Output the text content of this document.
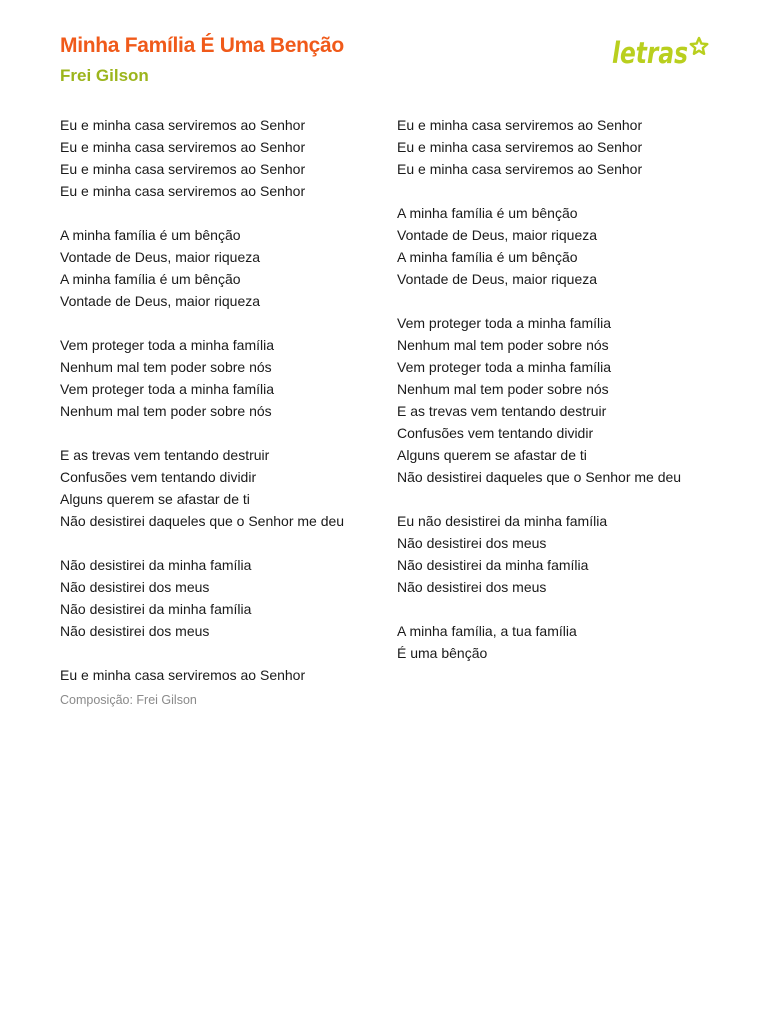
Minha Família É Uma Benção
Frei Gilson
letras
Eu e minha casa serviremos ao Senhor
Eu e minha casa serviremos ao Senhor
Eu e minha casa serviremos ao Senhor
Eu e minha casa serviremos ao Senhor
A minha família é um bênção
Vontade de Deus, maior riqueza
A minha família é um bênção
Vontade de Deus, maior riqueza
Vem proteger toda a minha família
Nenhum mal tem poder sobre nós
Vem proteger toda a minha família
Nenhum mal tem poder sobre nós
E as trevas vem tentando destruir
Confusões vem tentando dividir
Alguns querem se afastar de ti
Não desistirei daqueles que o Senhor me deu
Não desistirei da minha família
Não desistirei dos meus
Não desistirei da minha família
Não desistirei dos meus
Eu e minha casa serviremos ao Senhor
Eu e minha casa serviremos ao Senhor
Eu e minha casa serviremos ao Senhor
Eu e minha casa serviremos ao Senhor
A minha família é um bênção
Vontade de Deus, maior riqueza
A minha família é um bênção
Vontade de Deus, maior riqueza
Vem proteger toda a minha família
Nenhum mal tem poder sobre nós
Vem proteger toda a minha família
Nenhum mal tem poder sobre nós
E as trevas vem tentando destruir
Confusões vem tentando dividir
Alguns querem se afastar de ti
Não desistirei daqueles que o Senhor me deu
Eu não desistirei da minha família
Não desistirei dos meus
Não desistirei da minha família
Não desistirei dos meus
A minha família, a tua família
É uma bênção
Composição: Frei Gilson
